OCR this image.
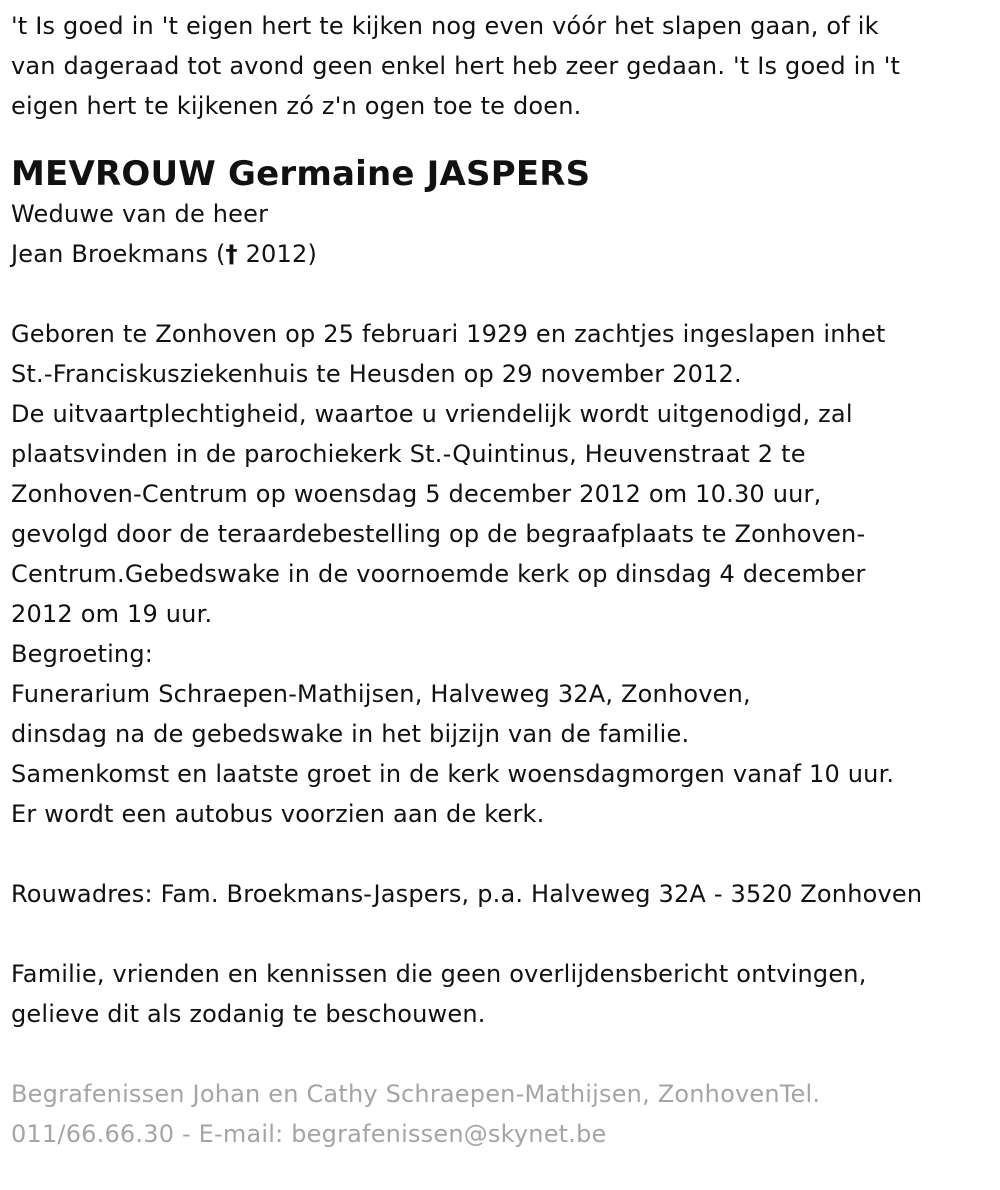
't Is goed in 't eigen hert te kijken nog even vóór het slapen gaan, of ik
van dageraad tot avond geen enkel hert heb zeer gedaan. 't Is goed in 't
eigen hert te kijkenen zó z'n ogen toe te doen.
MEVROUW Germaine JASPERS
Weduwe van de heer
Jean Broekmans († 2012)
Geboren te Zonhoven op 25 februari 1929 en zachtjes ingeslapen inhet
St.-Franciskusziekenhuis te Heusden op 29 november 2012.
De uitvaartplechtigheid, waartoe u vriendelijk wordt uitgenodigd, zal
plaatsvinden in de parochiekerk St.-Quintinus, Heuvenstraat 2 te
Zonhoven-Centrum op woensdag 5 december 2012 om 10.30 uur,
gevolgd door de teraardebestelling op de begraafplaats te Zonhoven-
Centrum.Gebedswake in de voornoemde kerk op dinsdag 4 december
2012 om 19 uur.
Begroeting:
Funerarium Schraepen-Mathijsen, Halveweg 32A, Zonhoven,
dinsdag na de gebedswake in het bijzijn van de familie.
Samenkomst en laatste groet in de kerk woensdagmorgen vanaf 10 uur.
Er wordt een autobus voorzien aan de kerk.
Rouwadres: Fam. Broekmans-Jaspers, p.a. Halveweg 32A - 3520 Zonhoven
Familie, vrienden en kennissen die geen overlijdensbericht ontvingen,
gelieve dit als zodanig te beschouwen.
Begrafenissen Johan en Cathy Schraepen-Mathijsen, ZonhovenTel.
011/66.66.30 - E-mail: begrafenissen@skynet.be
